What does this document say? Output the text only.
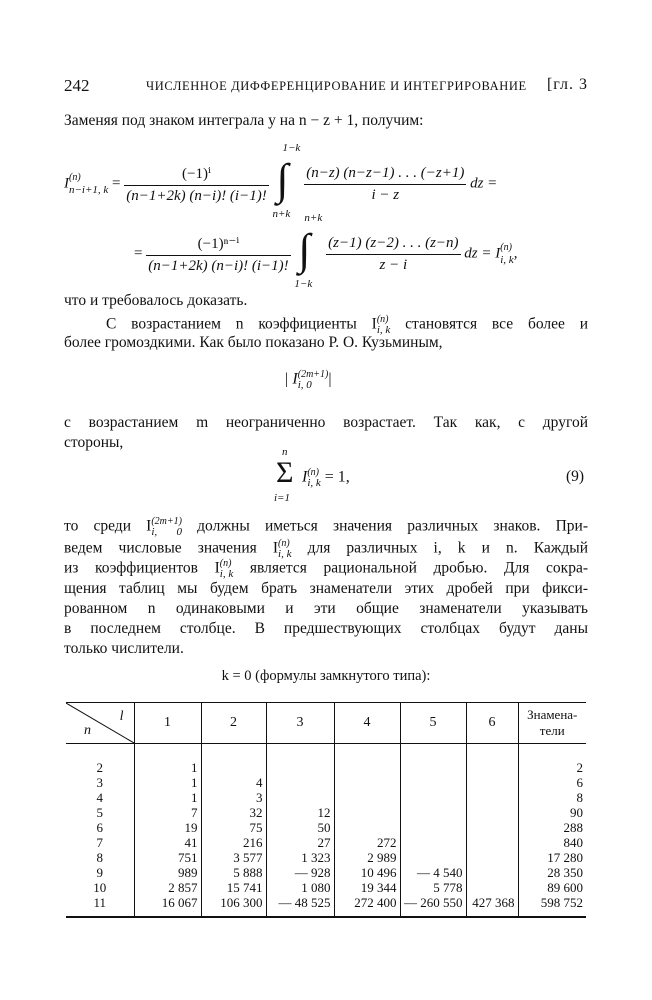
242	ЧИСЛЕННОЕ ДИФФЕРЕНЦИРОВАНИЕ И ИНТЕГРИРОВАНИЕ [гл. 3
Заменяя под знаком интеграла y на n − z + 1, получим:
I (n)
n−i+1, $k = \frac{\text{(−1)ⁱ}}{(n-1+2k) (n-i)! (i-1)!}$

1−k
∫
n+k

$\frac{(n-z) (n-z-1) . . . (-z+1)}{i - z}$ dz =
= $\frac{\text{(−1)ⁿ⁻ⁱ}}{(n-1+2k) (n-i)! (i-1)!}$

n+k
∫
1−k

$\frac{(z-1) (z-2) . . . (z-n)}{z - i}$ dz = I (n)
i, k ,
что и требовалось доказать.
С возрастанием n коэффициенты I (n)
i, k становятся все более и
более громоздкими. Как было показано Р. О. Кузьминым,
| I (2m+1)
i, 0	|
с возрастанием m неограниченно возрастает. Так как, с другой
стороны,
n
Σ
i=1
I (n)
i, k = 1,	(9)
то среди I (2m+1)
i, 0 должны иметься значения различных знаков. При-
ведем числовые значения I (n)
i, k для различных i, k и n. Каждый
из коэффициентов I (n)
i, k является рациональной дробью. Для сокра-
щения таблиц мы будем брать знаменатели этих дробей при фикси-
рованном n одинаковыми и эти общие знаменатели указывать
в последнем столбце. В предшествующих столбцах будут даны
только числители.
k = 0 (формулы замкнутого типа):
l
n	1	2	3	4	5	6	Знамена-
тели

2	1						2
3	1	4					6
4	1	3					8
5	7	32	12				90
6	19	75	50				288
7	41	216	27	272			840
8	751	3 577	1 323	2 989			17 280
9	989	5 888	— 928	10 496	— 4 540		28 350
10	2 857	15 741	1 080	19 344	5 778		89 600
11	16 067	106 300	— 48 525	272 400	— 260 550	427 368	598 752
